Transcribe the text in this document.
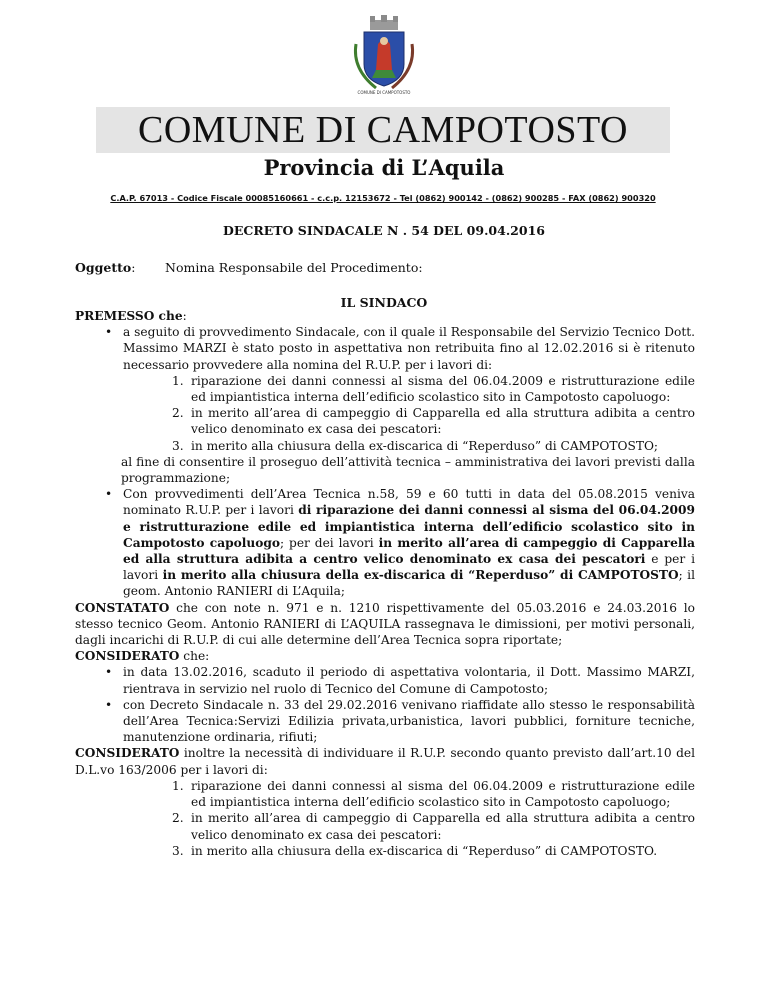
COMUNE DI CAMPOTOSTO
COMUNE DI CAMPOTOSTO
Provincia di L’Aquila
C.A.P. 67013 - Codice Fiscale 00085160661 - c.c.p. 12153672 - Tel (0862) 900142 - (0862) 900285 - FAX (0862) 900320
DECRETO SINDACALE N . 54 DEL 09.04.2016
Oggetto: Nomina Responsabile del Procedimento:
IL SINDACO

PREMESSO che:

• a seguito di provvedimento Sindacale, con il quale il Responsabile del Servizio Tecnico Dott. Massimo MARZI è stato posto in aspettativa non retribuita fino al 12.02.2016 si è ritenuto necessario provvedere alla nomina del R.U.P. per i lavori di:

1. riparazione dei danni connessi al sisma del 06.04.2009 e ristrutturazione edile ed impiantistica interna dell’edificio scolastico sito in Campotosto capoluogo:

2. in merito all’area di campeggio di Capparella ed alla struttura adibita a centro velico denominato ex casa dei pescatori:

3. in merito alla chiusura della ex-discarica di “Reperduso” di CAMPOTOSTO;

al fine di consentire il proseguo dell’attività tecnica – amministrativa dei lavori previsti dalla programmazione;

• Con provvedimenti dell’Area Tecnica n.58, 59 e 60 tutti in data del 05.08.2015 veniva nominato R.U.P. per i lavori di riparazione dei danni connessi al sisma del 06.04.2009 e ristrutturazione edile ed impiantistica interna dell’edificio scolastico sito in Campotosto capoluogo; per dei lavori in merito all’area di campeggio di Capparella ed alla struttura adibita a centro velico denominato ex casa dei pescatori e per i lavori in merito alla chiusura della ex-discarica di “Reperduso” di CAMPOTOSTO; il geom. Antonio RANIERI di L’Aquila;

CONSTATATO che con note n. 971 e n. 1210 rispettivamente del 05.03.2016 e 24.03.2016 lo stesso tecnico Geom. Antonio RANIERI di L’AQUILA rassegnava le dimissioni, per motivi personali, dagli incarichi di R.U.P. di cui alle determine dell’Area Tecnica sopra riportate;

CONSIDERATO che:

• in data 13.02.2016, scaduto il periodo di aspettativa volontaria, il Dott. Massimo MARZI, rientrava in servizio nel ruolo di Tecnico del Comune di Campotosto;

• con Decreto Sindacale n. 33 del 29.02.2016 venivano riaffidate allo stesso le responsabilità dell’Area Tecnica:Servizi Edilizia privata,urbanistica, lavori pubblici, forniture tecniche, manutenzione ordinaria, rifiuti;

CONSIDERATO inoltre la necessità di individuare il R.U.P. secondo quanto previsto dall’art.10 del D.L.vo 163/2006 per i lavori di:

1. riparazione dei danni connessi al sisma del 06.04.2009 e ristrutturazione edile ed impiantistica interna dell’edificio scolastico sito in Campotosto capoluogo;

2. in merito all’area di campeggio di Capparella ed alla struttura adibita a centro velico denominato ex casa dei pescatori:

3. in merito alla chiusura della ex-discarica di “Reperduso” di CAMPOTOSTO.
